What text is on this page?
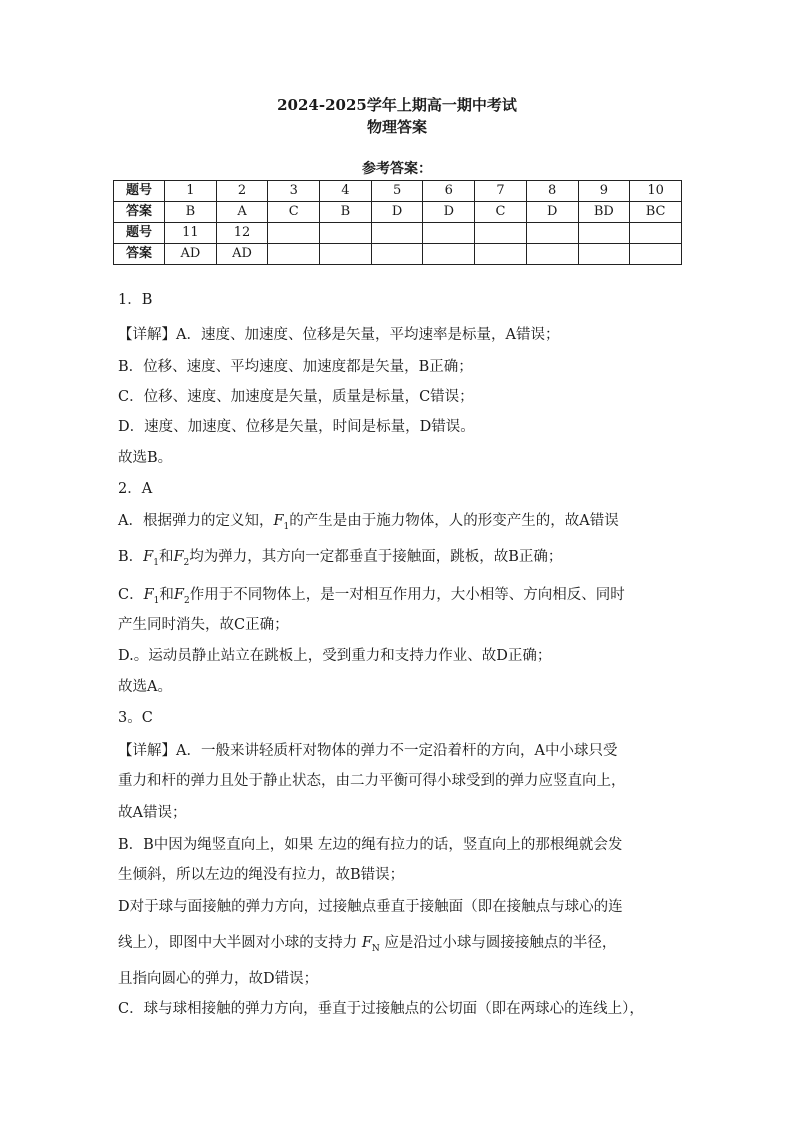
2024-2025学年上期高一期中考试
物理答案
参考答案：
题号	1	2	3	4	5	6	7	8	9	10
答案	B	A	C	B	D	D	C	D	BD	BC
题号	11	12								
答案	AD	AD								
1．B
【详解】A．速度、加速度、位移是矢量，平均速率是标量，A错误；
B．位移、速度、平均速度、加速度都是矢量，B正确；
C．位移、速度、加速度是矢量，质量是标量，C错误；
D．速度、加速度、位移是矢量，时间是标量，D错误。
故选B。
2．A
A．根据弹力的定义知，$F_1$的产生是由于施力物体，人的形变产生的，故A错误
B．$F_1$和$F_2$均为弹力，其方向一定都垂直于接触面，跳板，故B正确；
C．$F_1$和$F_2$作用于不同物体上，是一对相互作用力，大小相等、方向相反、同时
产生同时消失，故C正确；
D.。运动员静止站立在跳板上，受到重力和支持力作业、故D正确；
故选A。
3。C
【详解】A．一般来讲轻质杆对物体的弹力不一定沿着杆的方向，A中小球只受
重力和杆的弹力且处于静止状态，由二力平衡可得小球受到的弹力应竖直向上，
故A错误；
B．B中因为绳竖直向上，如果 左边的绳有拉力的话，竖直向上的那根绳就会发
生倾斜，所以左边的绳没有拉力，故B错误；
D对于球与面接触的弹力方向，过接触点垂直于接触面（即在接触点与球心的连
线上），即图中大半圆对小球的支持力 $F_N$ 应是沿过小球与圆接接触点的半径，
且指向圆心的弹力，故D错误；
C．球与球相接触的弹力方向，垂直于过接触点的公切面（即在两球心的连线上），
